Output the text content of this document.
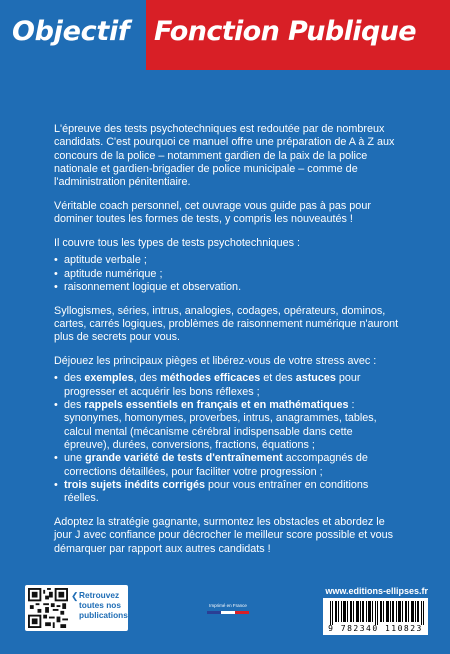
Objectif Fonction Publique

L'épreuve des tests psychotechniques est redoutée par de nombreux candidats. C'est pourquoi ce manuel offre une préparation de A à Z aux concours de la police – notamment gardien de la paix de la police nationale et gardien-brigadier de police municipale – comme de l'administration pénitentiaire.

Véritable coach personnel, cet ouvrage vous guide pas à pas pour dominer toutes les formes de tests, y compris les nouveautés !

Il couvre tous les types de tests psychotechniques :

• aptitude verbale ;
• aptitude numérique ;
• raisonnement logique et observation.

Syllogismes, séries, intrus, analogies, codages, opérateurs, dominos, cartes, carrés logiques, problèmes de raisonnement numérique n'auront plus de secrets pour vous.

Déjouez les principaux pièges et libérez-vous de votre stress avec :

• des exemples, des méthodes efficaces et des astuces pour progresser et acquérir les bons réflexes ;
• des rappels essentiels en français et en mathématiques : synonymes, homonymes, proverbes, intrus, anagrammes, tables, calcul mental (mécanisme cérébral indispensable dans cette épreuve), durées, conversions, fractions, équations ;
• une grande variété de tests d'entraînement accompagnés de corrections détaillées, pour faciliter votre progression ;
• trois sujets inédits corrigés pour vous entraîner en conditions réelles.

Adoptez la stratégie gagnante, surmontez les obstacles et abordez le jour J avec confiance pour décrocher le meilleur score possible et vous démarquer par rapport aux autres candidats !

❮ Retrouvez toutes nos publications
Imprimé en France
www.editions-ellipses.fr
9 782340 110823
